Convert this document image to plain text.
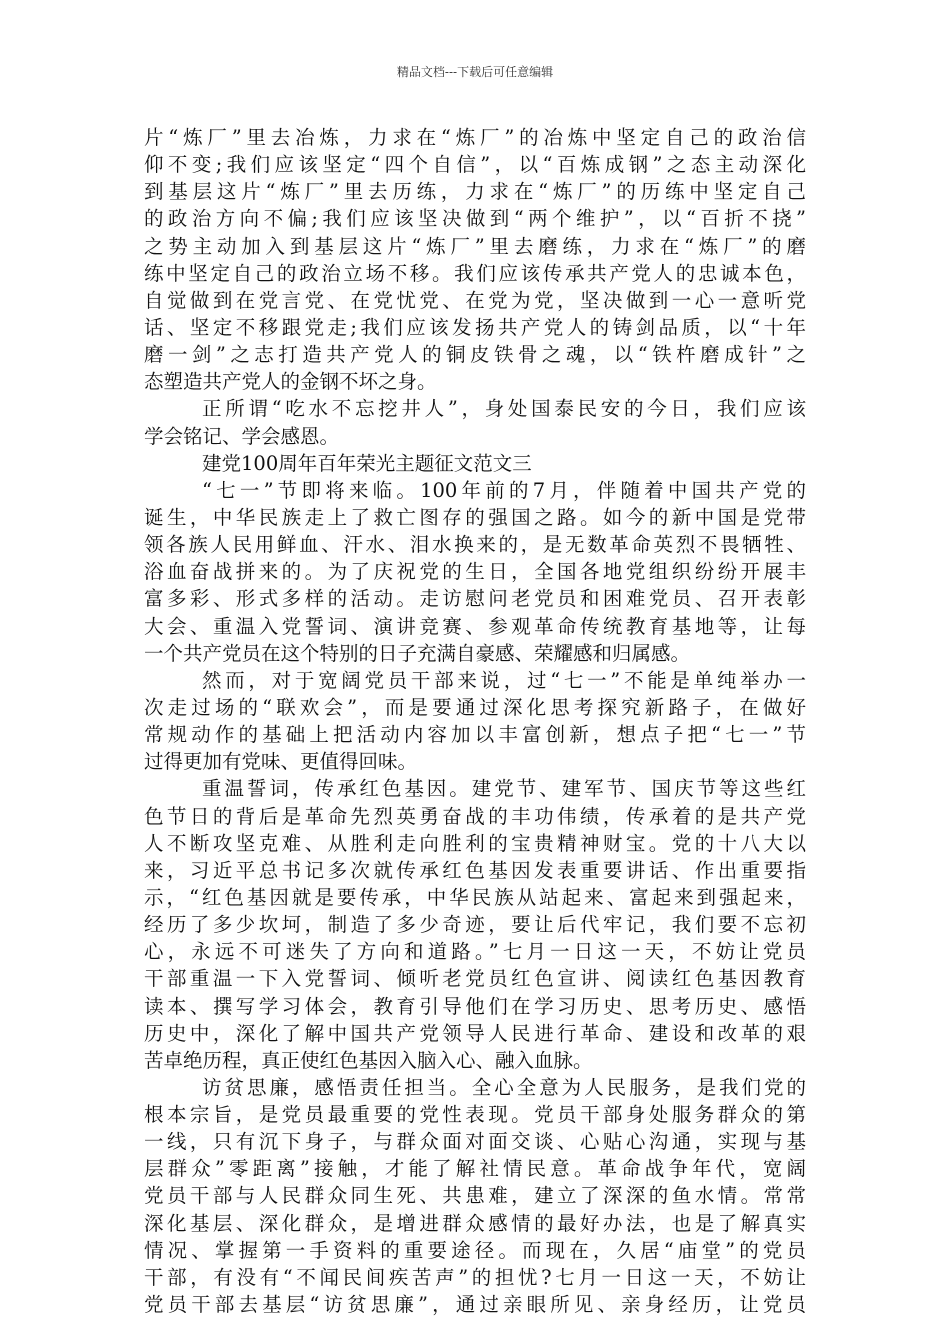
精品文档---下载后可任意编辑
片“炼厂”里去冶炼，力求在“炼厂”的冶炼中坚定自己的政治信
仰不变;我们应该坚定“四个自信”，以“百炼成钢”之态主动深化
到基层这片“炼厂”里去历练，力求在“炼厂”的历练中坚定自己
的政治方向不偏;我们应该坚决做到“两个维护”，以“百折不挠”
之势主动加入到基层这片“炼厂”里去磨练，力求在“炼厂”的磨
练中坚定自己的政治立场不移。我们应该传承共产党人的忠诚本色，
自觉做到在党言党、在党忧党、在党为党，坚决做到一心一意听党
话、坚定不移跟党走;我们应该发扬共产党人的铸剑品质，以“十年
磨一剑”之志打造共产党人的铜皮铁骨之魂，以“铁杵磨成针”之
态塑造共产党人的金钢不坏之身。
正所谓“吃水不忘挖井人”，身处国泰民安的今日，我们应该
学会铭记、学会感恩。
建党100周年百年荣光主题征文范文三
“七一”节即将来临。100年前的7月，伴随着中国共产党的
诞生，中华民族走上了救亡图存的强国之路。如今的新中国是党带
领各族人民用鲜血、汗水、泪水换来的，是无数革命英烈不畏牺牲、
浴血奋战拼来的。为了庆祝党的生日，全国各地党组织纷纷开展丰
富多彩、形式多样的活动。走访慰问老党员和困难党员、召开表彰
大会、重温入党誓词、演讲竞赛、参观革命传统教育基地等，让每
一个共产党员在这个特别的日子充满自豪感、荣耀感和归属感。
然而，对于宽阔党员干部来说，过“七一”不能是单纯举办一
次走过场的“联欢会”，而是要通过深化思考探究新路子，在做好
常规动作的基础上把活动内容加以丰富创新，想点子把“七一”节
过得更加有党味、更值得回味。
重温誓词，传承红色基因。建党节、建军节、国庆节等这些红
色节日的背后是革命先烈英勇奋战的丰功伟绩，传承着的是共产党
人不断攻坚克难、从胜利走向胜利的宝贵精神财宝。党的十八大以
来，习近平总书记多次就传承红色基因发表重要讲话、作出重要指
示，“红色基因就是要传承，中华民族从站起来、富起来到强起来，
经历了多少坎坷，制造了多少奇迹，要让后代牢记，我们要不忘初
心，永远不可迷失了方向和道路。”七月一日这一天，不妨让党员
干部重温一下入党誓词、倾听老党员红色宣讲、阅读红色基因教育
读本、撰写学习体会，教育引导他们在学习历史、思考历史、感悟
历史中，深化了解中国共产党领导人民进行革命、建设和改革的艰
苦卓绝历程，真正使红色基因入脑入心、融入血脉。
访贫思廉，感悟责任担当。全心全意为人民服务，是我们党的
根本宗旨，是党员最重要的党性表现。党员干部身处服务群众的第
一线，只有沉下身子，与群众面对面交谈、心贴心沟通，实现与基
层群众”零距离”接触，才能了解社情民意。革命战争年代，宽阔
党员干部与人民群众同生死、共患难，建立了深深的鱼水情。常常
深化基层、深化群众，是增进群众感情的最好办法，也是了解真实
情况、掌握第一手资料的重要途径。而现在，久居“庙堂”的党员
干部，有没有“不闻民间疾苦声”的担忧?七月一日这一天，不妨让
党员干部去基层“访贫思廉”，通过亲眼所见、亲身经历，让党员
